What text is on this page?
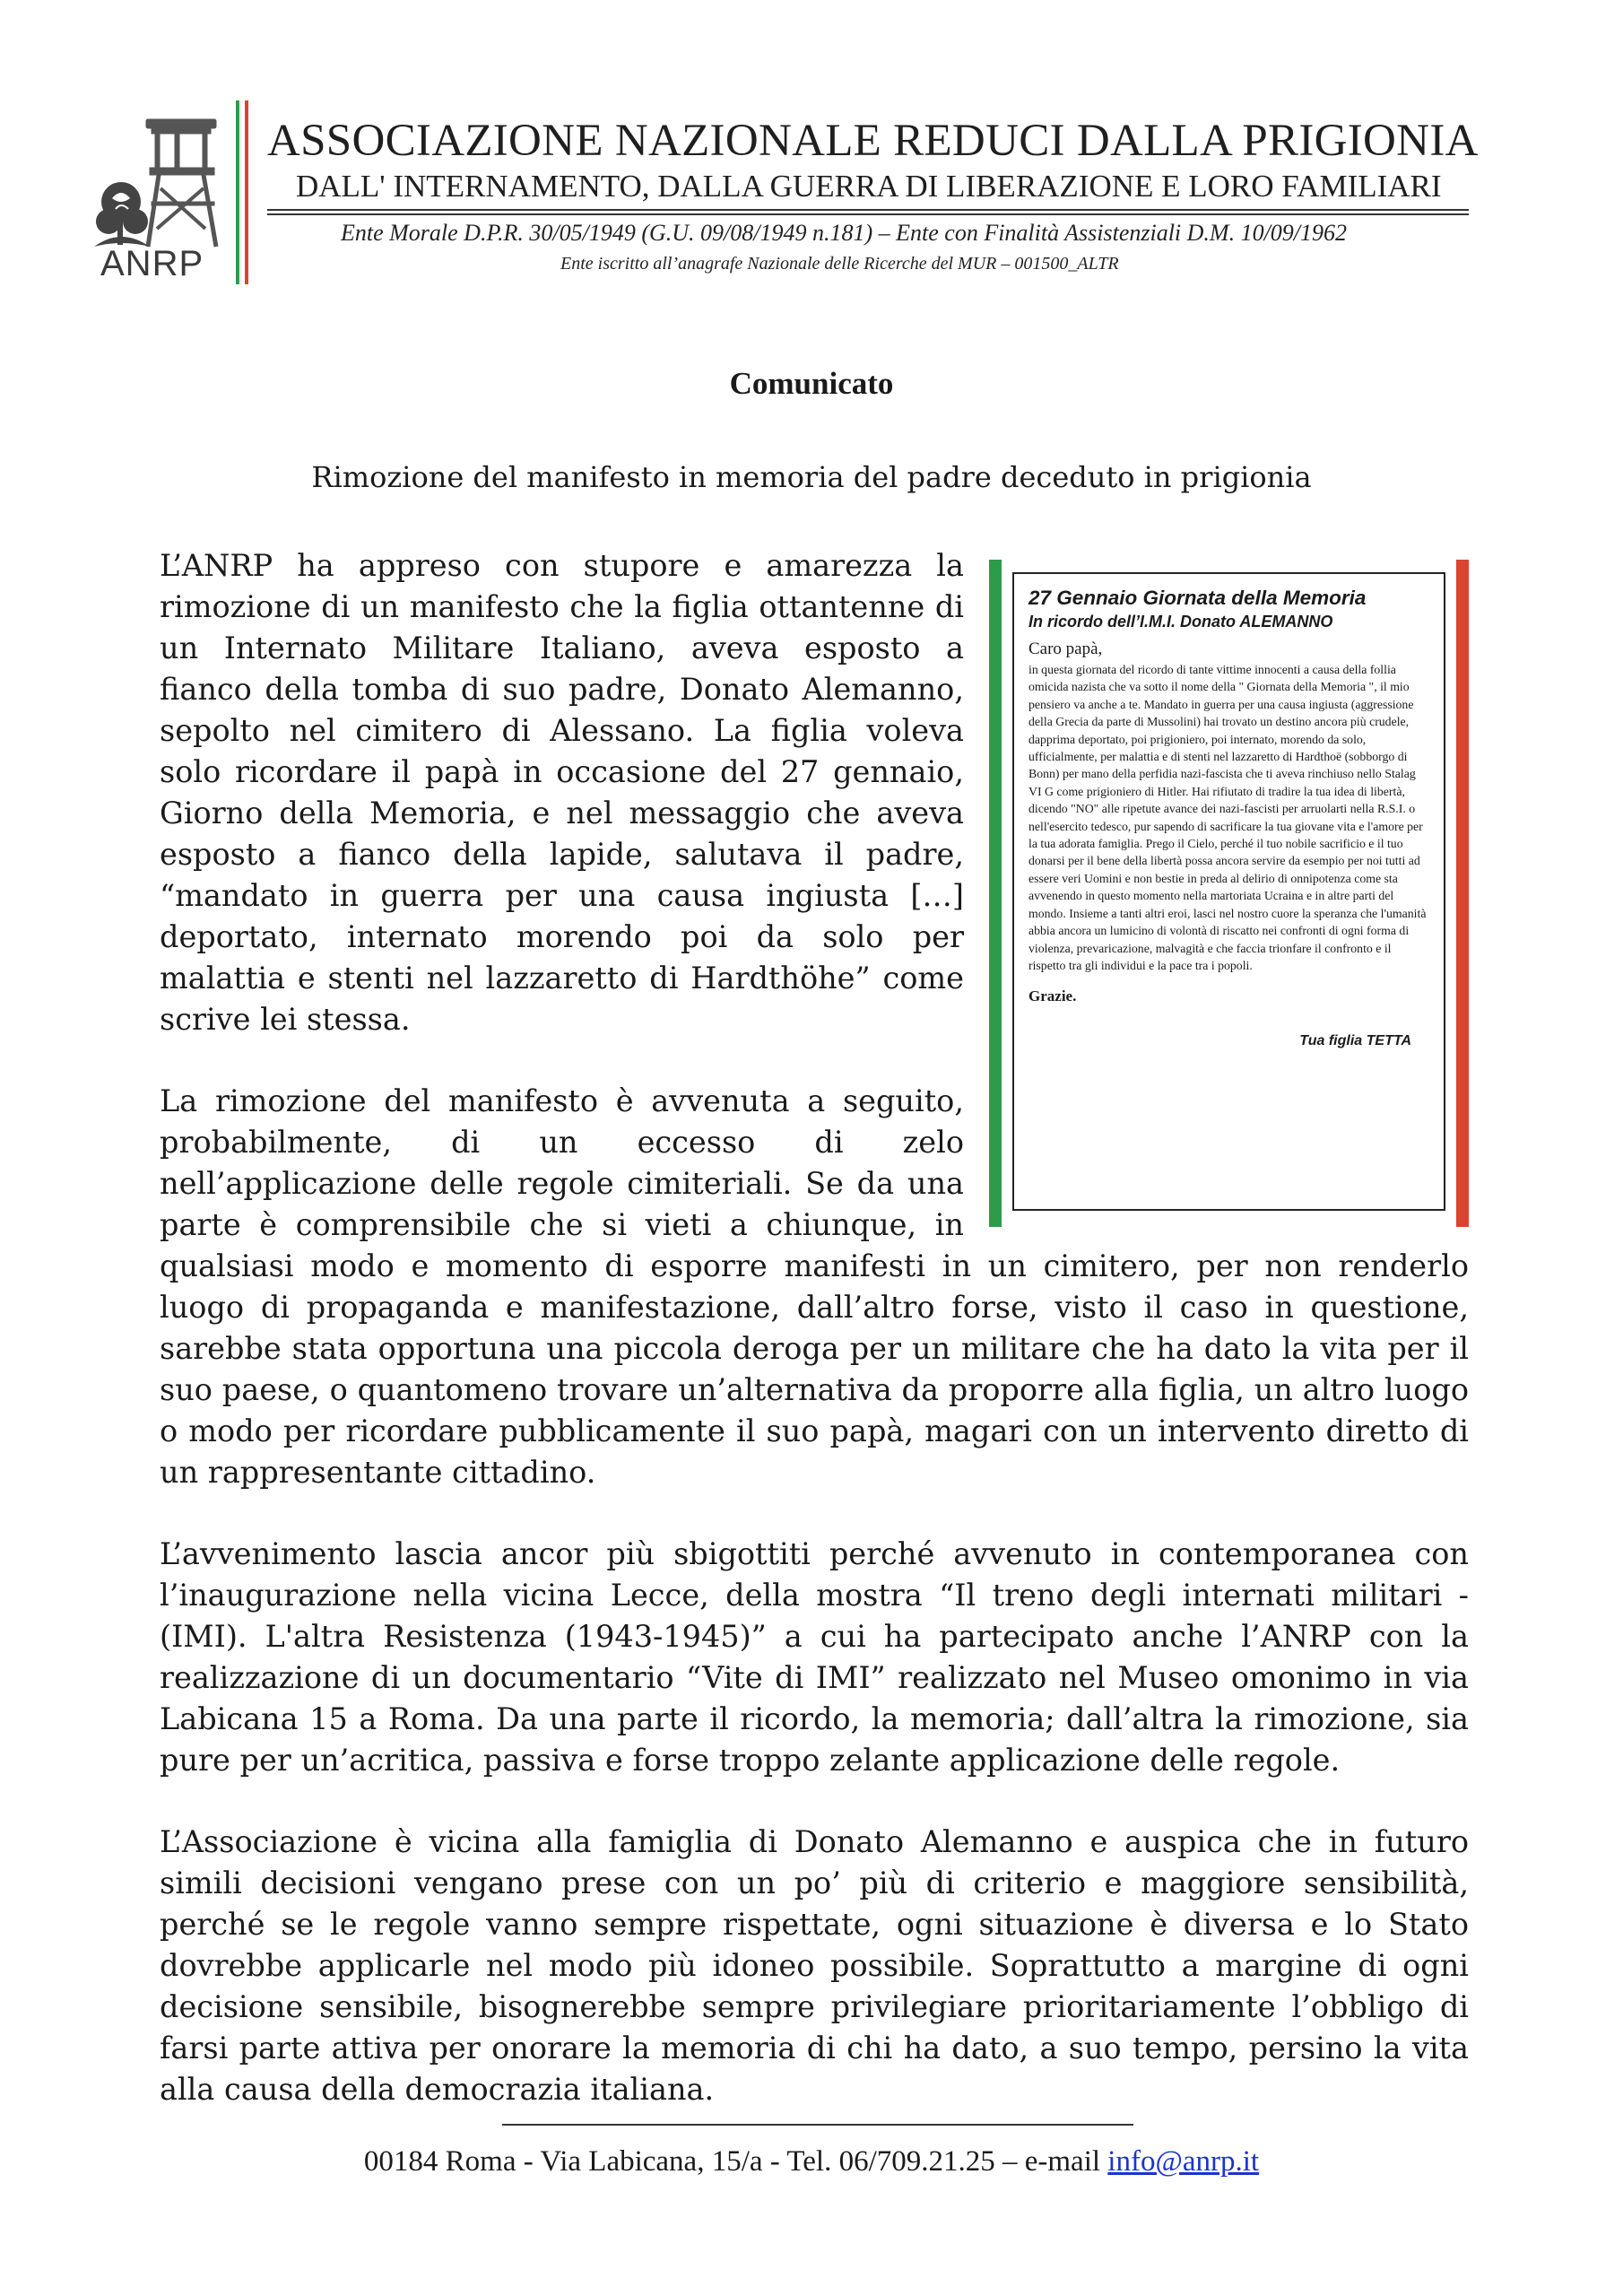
ANRP
ASSOCIAZIONE NAZIONALE REDUCI DALLA PRIGIONIA
DALL' INTERNAMENTO, DALLA GUERRA DI LIBERAZIONE E LORO FAMILIARI
Ente Morale D.P.R. 30/05/1949 (G.U. 09/08/1949 n.181) – Ente con Finalità Assistenziali D.M. 10/09/1962
Ente iscritto all’anagrafe Nazionale delle Ricerche del MUR – 001500_ALTR
Comunicato
Rimozione del manifesto in memoria del padre deceduto in prigionia
27 Gennaio Giornata della Memoria
In ricordo dell’I.M.I. Donato ALEMANNO
Caro papà,
in questa giornata del ricordo di tante vittime innocenti a causa della follia omicida nazista che va sotto il nome della " Giornata della Memoria ", il mio pensiero va anche a te. Mandato in guerra per una causa ingiusta (aggressione della Grecia da parte di Mussolini) hai trovato un destino ancora più crudele, dapprima deportato, poi prigioniero, poi internato, morendo da solo, ufficialmente, per malattia e di stenti nel lazzaretto di Hardthoë (sobborgo di Bonn) per mano della perfidia nazi-fascista che ti aveva rinchiuso nello Stalag VI G come prigioniero di Hitler. Hai rifiutato di tradire la tua idea di libertà, dicendo "NO" alle ripetute avance dei nazi-fascisti per arruolarti nella R.S.I. o nell'esercito tedesco, pur sapendo di sacrificare la tua giovane vita e l'amore per la tua adorata famiglia. Prego il Cielo, perché il tuo nobile sacrificio e il tuo donarsi per il bene della libertà possa ancora servire da esempio per noi tutti ad essere veri Uomini e non bestie in preda al delirio di onnipotenza come sta avvenendo in questo momento nella martoriata Ucraina e in altre parti del mondo. Insieme a tanti altri eroi, lasci nel nostro cuore la speranza che l'umanità abbia ancora un lumicino di volontà di riscatto nei confronti di ogni forma di violenza, prevaricazione, malvagità e che faccia trionfare il confronto e il rispetto tra gli individui e la pace tra i popoli.
Grazie.
Tua figlia TETTA

L’ANRP ha appreso con stupore e amarezza la rimozione di un manifesto che la figlia ottantenne di un Internato Militare Italiano, aveva esposto a fianco della tomba di suo padre, Donato Alemanno, sepolto nel cimitero di Alessano. La figlia voleva solo ricordare il papà in occasione del 27 gennaio, Giorno della Memoria, e nel messaggio che aveva esposto a fianco della lapide, salutava il padre, “mandato in guerra per una causa ingiusta […] deportato, internato morendo poi da solo per malattia e stenti nel lazzaretto di Hardthöhe” come scrive lei stessa.

La rimozione del manifesto è avvenuta a seguito, probabilmente, di un eccesso di zelo nell’applicazione delle regole cimiteriali. Se da una parte è comprensibile che si vieti a chiunque, in qualsiasi modo e momento di esporre manifesti in un cimitero, per non renderlo luogo di propaganda e manifestazione, dall’altro forse, visto il caso in questione, sarebbe stata opportuna una piccola deroga per un militare che ha dato la vita per il suo paese, o quantomeno trovare un’alternativa da proporre alla figlia, un altro luogo o modo per ricordare pubblicamente il suo papà, magari con un intervento diretto di un rappresentante cittadino.

L’avvenimento lascia ancor più sbigottiti perché avvenuto in contemporanea con l’inaugurazione nella vicina Lecce, della mostra “Il treno degli internati militari - (IMI). L'altra Resistenza (1943-1945)” a cui ha partecipato anche l’ANRP con la realizzazione di un documentario “Vite di IMI” realizzato nel Museo omonimo in via Labicana 15 a Roma. Da una parte il ricordo, la memoria; dall’altra la rimozione, sia pure per un’acritica, passiva e forse troppo zelante applicazione delle regole.

L’Associazione è vicina alla famiglia di Donato Alemanno e auspica che in futuro simili decisioni vengano prese con un po’ più di criterio e maggiore sensibilità, perché se le regole vanno sempre rispettate, ogni situazione è diversa e lo Stato dovrebbe applicarle nel modo più idoneo possibile. Soprattutto a margine di ogni decisione sensibile, bisognerebbe sempre privilegiare prioritariamente l’obbligo di farsi parte attiva per onorare la memoria di chi ha dato, a suo tempo, persino la vita alla causa della democrazia italiana.

00184 Roma - Via Labicana, 15/a - Tel. 06/709.21.25 – e-mail info@anrp.it
